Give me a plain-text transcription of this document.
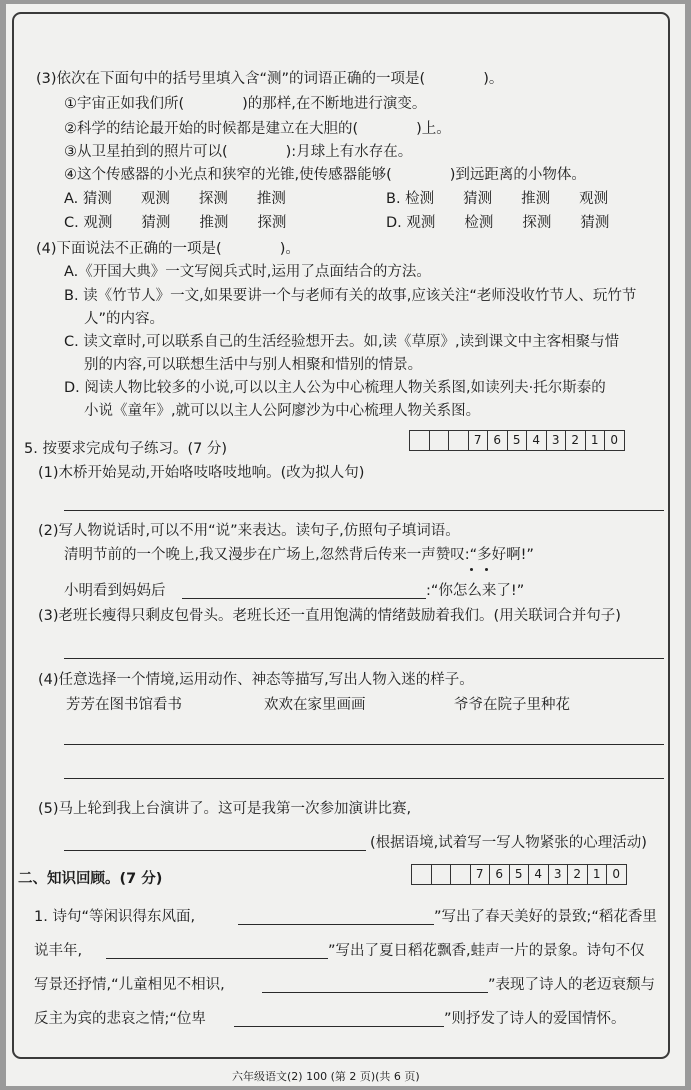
(3)依次在下面句中的括号里填入含“测”的词语正确的一项是(　　　　)。
①宇宙正如我们所(　　　　)的那样,在不断地进行演变。
②科学的结论最开始的时候都是建立在大胆的(　　　　)上。
③从卫星拍到的照片可以(　　　　):月球上有水存在。
④这个传感器的小光点和狭窄的光锥,使传感器能够(　　　　)到远距离的小物体。
A. 猜测　　观测　　探测　　推测	B. 检测　　猜测　　推测　　观测
C. 观测　　猜测　　推测　　探测	D. 观测　　检测　　探测　　猜测
(4)下面说法不正确的一项是(　　　　)。
A.《开国大典》一文写阅兵式时,运用了点面结合的方法。
B. 读《竹节人》一文,如果要讲一个与老师有关的故事,应该关注“老师没收竹节人、玩竹节
人”的内容。
C. 读文章时,可以联系自己的生活经验想开去。如,读《草原》,读到课文中主客相聚与惜
别的内容,可以联想生活中与别人相聚和惜别的情景。
D. 阅读人物比较多的小说,可以以主人公为中心梳理人物关系图,如读列夫·托尔斯泰的
小说《童年》,就可以以主人公阿廖沙为中心梳理人物关系图。
7 6 5 4 3 2 1 0
5. 按要求完成句子练习。(7 分)
(1)木桥开始晃动,开始咯吱咯吱地响。(改为拟人句)
(2)写人物说话时,可以不用“说”来表达。读句子,仿照句子填词语。
清明节前的一个晚上,我又漫步在广场上,忽然背后传来一声赞叹:“多好啊!”
小明看到妈妈后	:“你怎么来了!”
(3)老班长瘦得只剩皮包骨头。老班长还一直用饱满的情绪鼓励着我们。(用关联词合并句子)
(4)任意选择一个情境,运用动作、神态等描写,写出人物入迷的样子。
芳芳在图书馆看书	欢欢在家里画画	爷爷在院子里种花
(5)马上轮到我上台演讲了。这可是我第一次参加演讲比赛,
(根据语境,试着写一写人物紧张的心理活动)
7 6 5 4 3 2 1 0
二、知识回顾。(7 分)
1. 诗句“等闲识得东风面,	”写出了春天美好的景致;“稻花香里
说丰年,	”写出了夏日稻花飘香,蛙声一片的景象。诗句不仅
写景还抒情,“儿童相见不相识,	”表现了诗人的老迈衰颓与
反主为宾的悲哀之情;“位卑	”则抒发了诗人的爱国情怀。
六年级语文(2) 100 (第 2 页)(共 6 页)
